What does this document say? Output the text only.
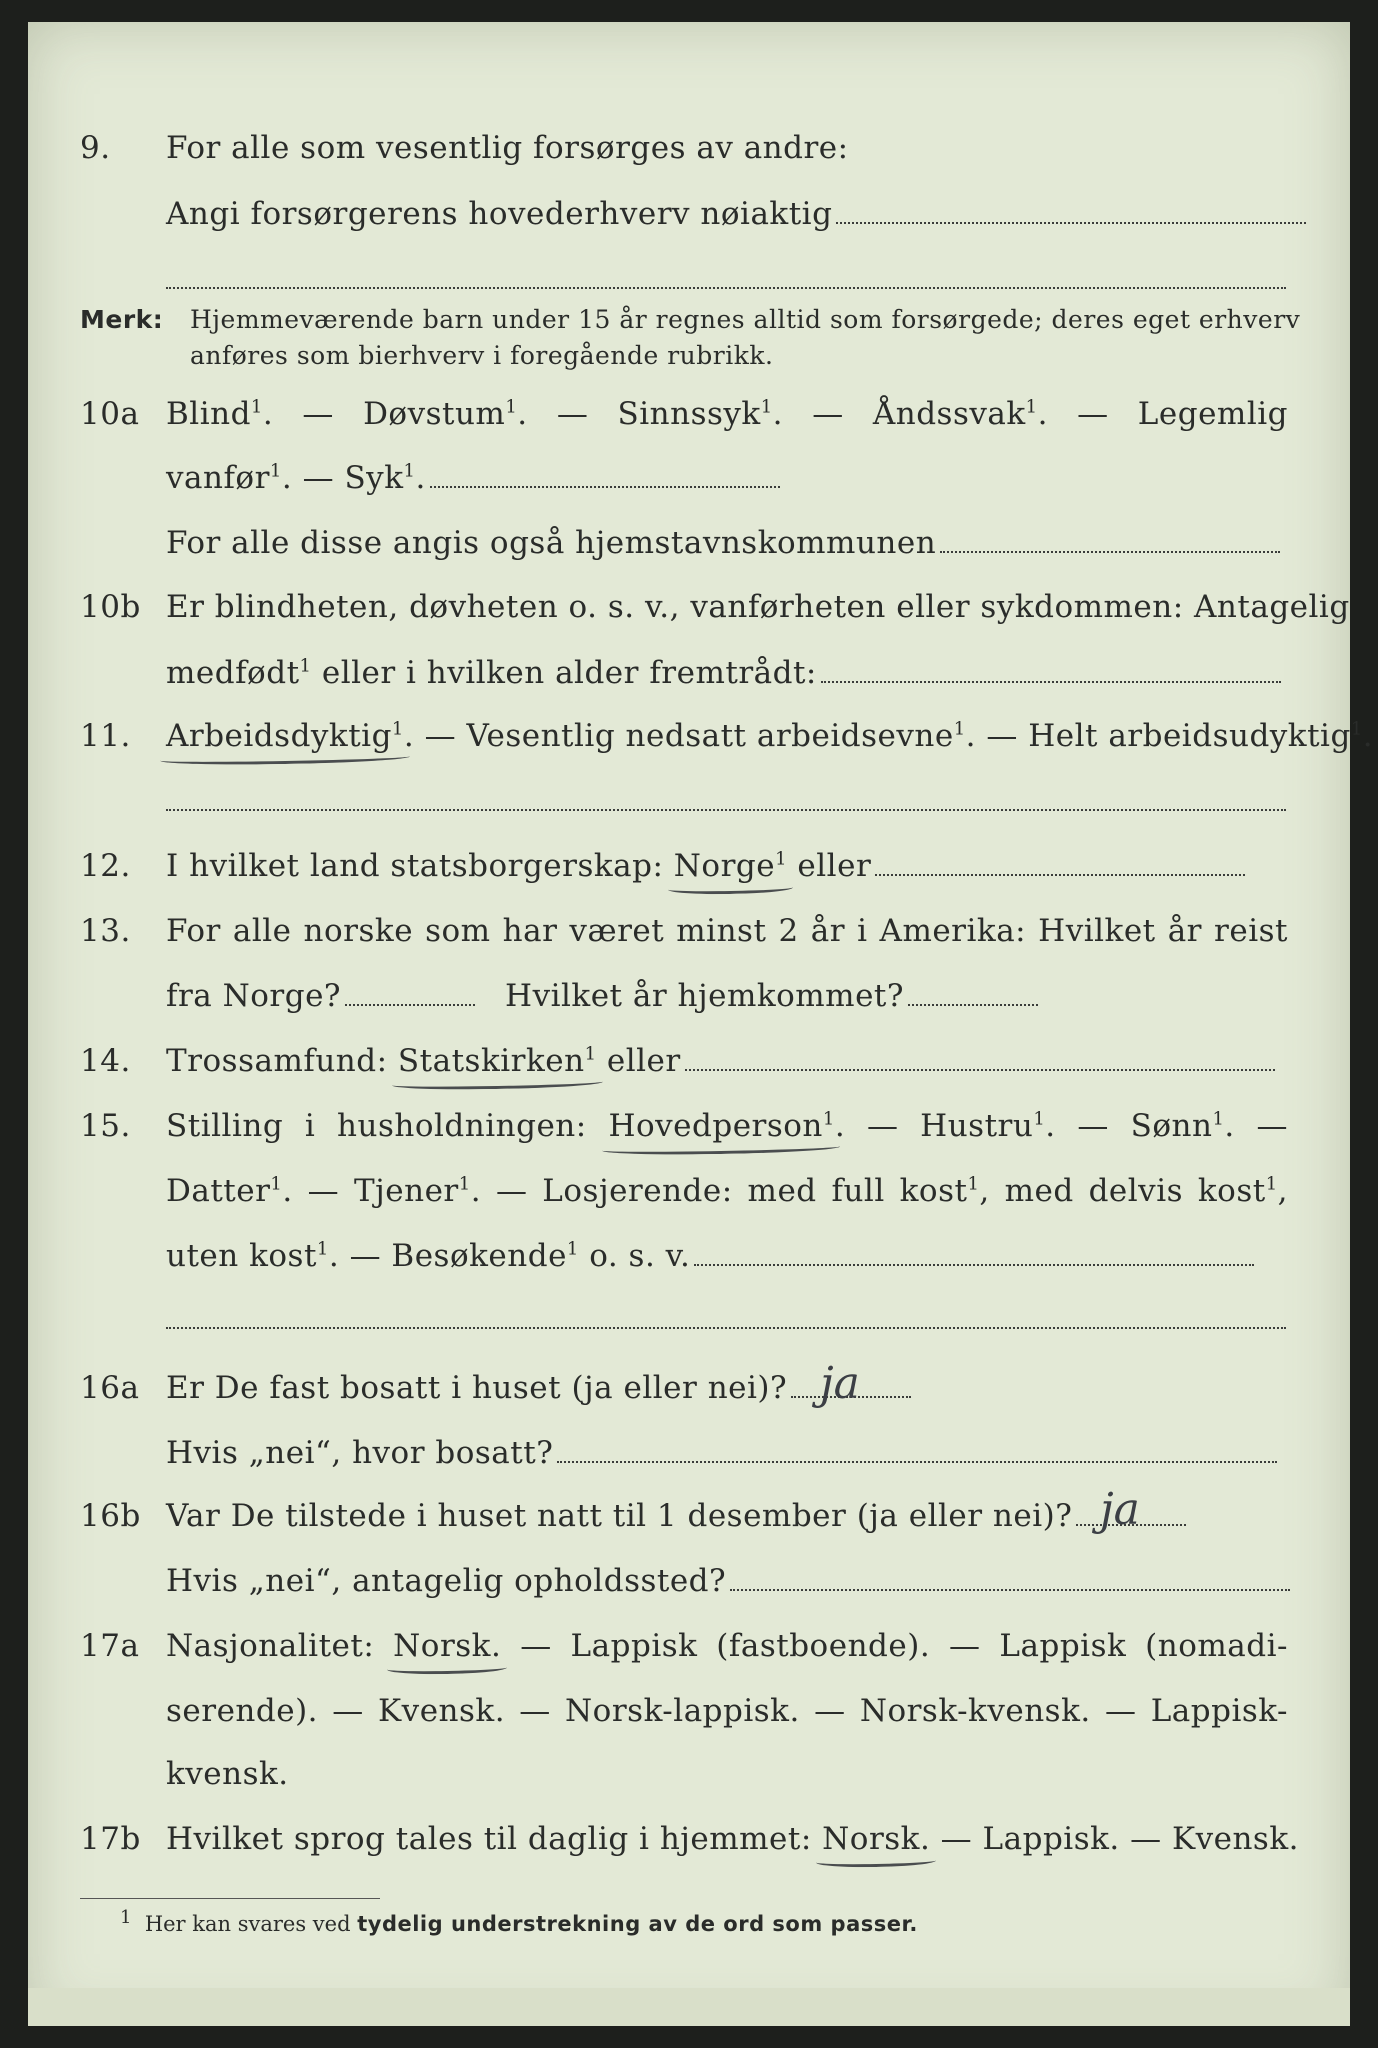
9. For alle som vesentlig forsørges av andre:
Angi forsørgerens hovederhverv nøiaktig
Merk: Hjemmeværende barn under 15 år regnes alltid som forsørgede; deres eget erhverv
anføres som bierhverv i foregående rubrikk.
10a Blind$^1$. — Døvstum$^1$. — Sinnssyk$^1$. — Åndssvak$^1$. — Legemlig
vanfør$^1$. — Syk$^1$.
For alle disse angis også hjemstavnskommunen
10b Er blindheten, døvheten o. s. v., vanførheten eller sykdommen: Antagelig
medfødt$^1$ eller i hvilken alder fremtrådt:
11. Arbeidsdyktig$^1$. — Vesentlig nedsatt arbeidsevne$^1$. — Helt arbeidsudyktig$^1$.
12. I hvilket land statsborgerskap: Norge$^1$ eller
13. For alle norske som har været minst 2 år i Amerika: Hvilket år reist
fra Norge?	Hvilket år hjemkommet?
14. Trossamfund: Statskirken$^1$ eller
15. Stilling i husholdningen: Hovedperson$^1$. — Hustru$^1$. — Sønn$^1$. —
Datter$^1$. — Tjener$^1$. — Losjerende: med full kost$^1$, med delvis kost$^1$,
uten kost$^1$. — Besøkende$^1$ o. s. v.
16a Er De fast bosatt i huset (ja eller nei)? ja
Hvis „nei“, hvor bosatt?
16b Var De tilstede i huset natt til 1 desember (ja eller nei)? ja
Hvis „nei“, antagelig opholdssted?
17a Nasjonalitet: Norsk. — Lappisk (fastboende). — Lappisk (nomadi-
serende). — Kvensk. — Norsk-lappisk. — Norsk-kvensk. — Lappisk-
kvensk.
17b Hvilket sprog tales til daglig i hjemmet: Norsk. — Lappisk. — Kvensk.
1 Her kan svares ved tydelig understrekning av de ord som passer.
